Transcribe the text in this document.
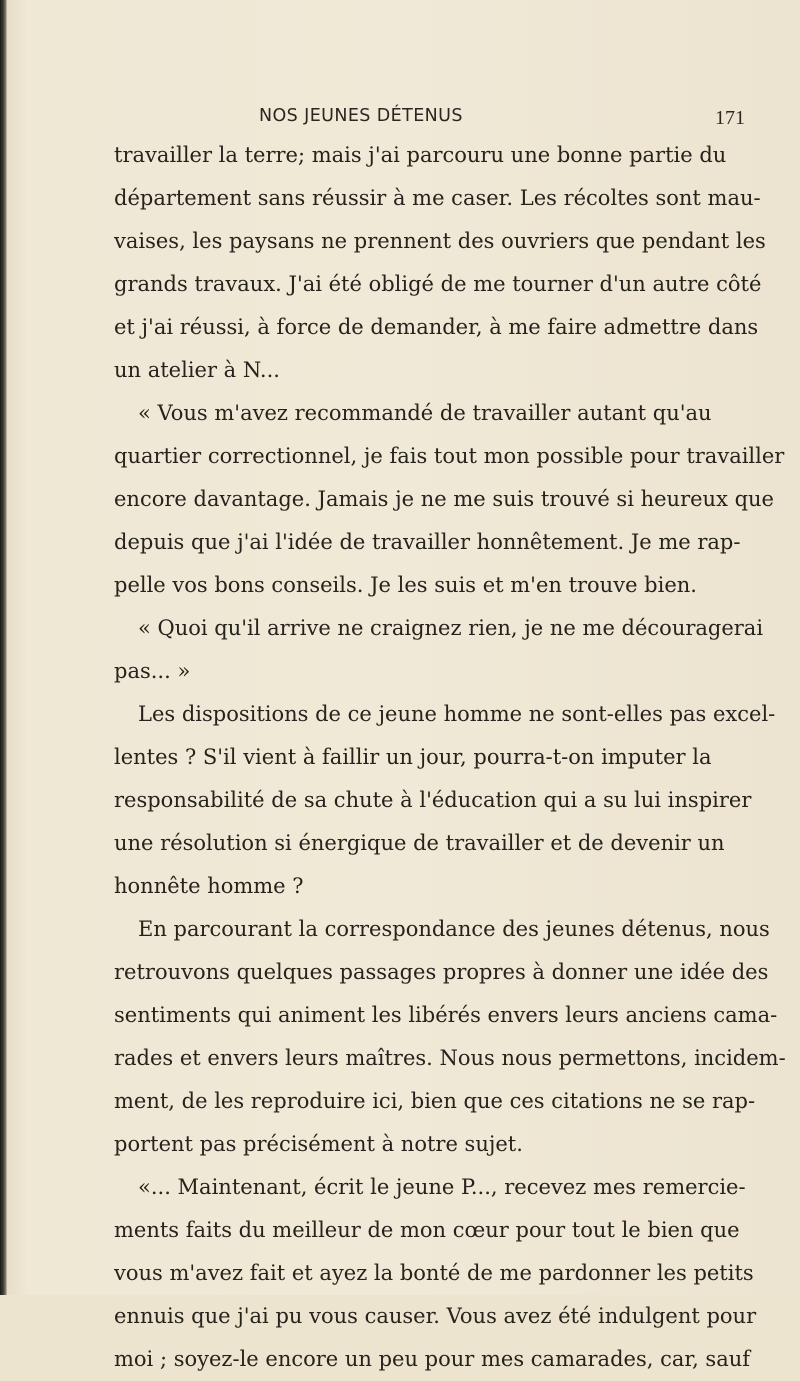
NOS JEUNES DÉTENUS	171
travailler la terre; mais j'ai parcouru une bonne partie du
département sans réussir à me caser. Les récoltes sont mau-
vaises, les paysans ne prennent des ouvriers que pendant les
grands travaux. J'ai été obligé de me tourner d'un autre côté
et j'ai réussi, à force de demander, à me faire admettre dans
un atelier à N...
« Vous m'avez recommandé de travailler autant qu'au
quartier correctionnel, je fais tout mon possible pour travailler
encore davantage. Jamais je ne me suis trouvé si heureux que
depuis que j'ai l'idée de travailler honnêtement. Je me rap-
pelle vos bons conseils. Je les suis et m'en trouve bien.
« Quoi qu'il arrive ne craignez rien, je ne me découragerai
pas... »
Les dispositions de ce jeune homme ne sont-elles pas excel-
lentes ? S'il vient à faillir un jour, pourra-t-on imputer la
responsabilité de sa chute à l'éducation qui a su lui inspirer
une résolution si énergique de travailler et de devenir un
honnête homme ?
En parcourant la correspondance des jeunes détenus, nous
retrouvons quelques passages propres à donner une idée des
sentiments qui animent les libérés envers leurs anciens cama-
rades et envers leurs maîtres. Nous nous permettons, incidem-
ment, de les reproduire ici, bien que ces citations ne se rap-
portent pas précisément à notre sujet.
«... Maintenant, écrit le jeune P..., recevez mes remercie-
ments faits du meilleur de mon cœur pour tout le bien que
vous m'avez fait et ayez la bonté de me pardonner les petits
ennuis que j'ai pu vous causer. Vous avez été indulgent pour
moi ; soyez-le encore un peu pour mes camarades, car, sauf
